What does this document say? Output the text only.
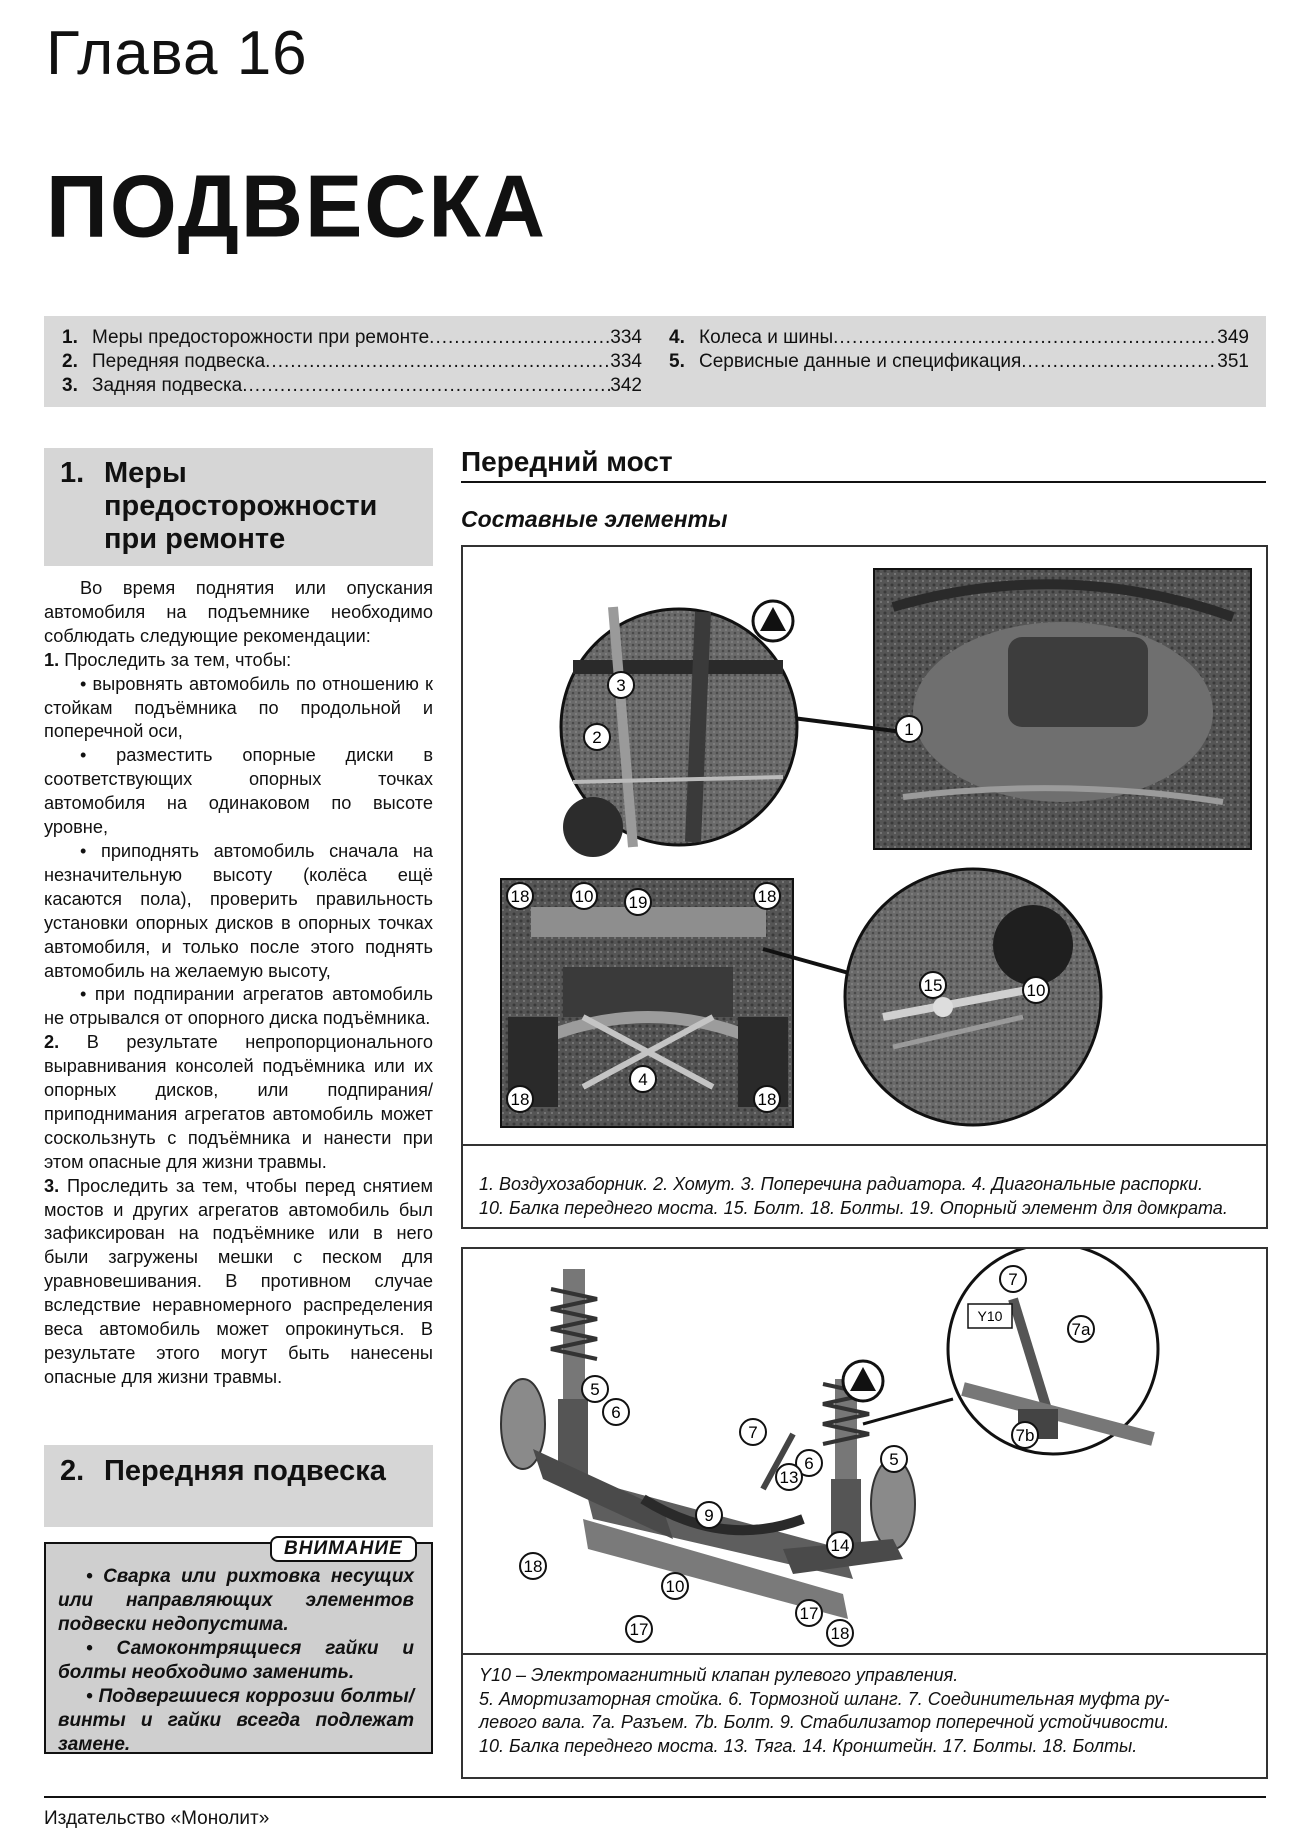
Глава 16
ПОДВЕСКА
1. Меры предосторожности при ремонте .....	334
2. Передняя подвеска .....	334
3. Задняя подвеска .....	342
4. Колеса и шины .....	349
5. Сервисные данные и спецификация .....	351
1. Меры
предосторожности
при ремонте

Во время поднятия или опускания автомобиля на подъемнике необходимо соблюдать следующие рекомендации:

1. Проследить за тем, чтобы:

• выровнять автомобиль по отношению к стойкам подъёмника по продольной и поперечной оси,

• разместить опорные диски в соответствующих опорных точках автомобиля на одинаковом по высоте уровне,

• приподнять автомобиль сначала на незначительную высоту (колёса ещё касаются пола), проверить правильность установки опорных дисков в опорных точках автомобиля, и только после этого поднять автомобиль на желаемую высоту,

• при подпирании агрегатов автомобиль не отрывался от опорного диска подъёмника.

2. В результате непропорционального выравнивания консолей подъёмника или их опорных дисков, или подпирания/приподнимания агрегатов автомобиль может соскользнуть с подъёмника и нанести при этом опасные для жизни травмы.

3. Проследить за тем, чтобы перед снятием мостов и других агрегатов автомобиль был зафиксирован на подъёмнике или в него были загружены мешки с песком для уравновешивания. В противном случае вследствие неравномерного распределения веса автомобиль может опрокинуться. В результате этого могут быть нанесены опасные для жизни травмы.

2. Передняя подвеска
ВНИМАНИЕ

• Сварка или рихтовка несущих или направляющих элементов подвески недопустима.

• Самоконтрящиеся гайки и болты необходимо заменить.

• Подвергшиеся коррозии болты/винты и гайки всегда подлежат замене.

Передний мост
Составные элементы
1
2
3
18	10 19	18
4
18	18
15	10
1. Воздухозаборник. 2. Хомут. 3. Поперечина радиатора. 4. Диагональные распорки.
10. Балка переднего моста. 15. Болт. 18. Болты. 19. Опорный элемент для домкрата.
Y10
5
6
7
6
13
5
9
14
18
10
17
17
18
7
7a
7b
Y10 – Электромагнитный клапан рулевого управления.
5. Амортизаторная стойка. 6. Тормозной шланг. 7. Соединительная муфта ру-
левого вала. 7a. Разъем. 7b. Болт. 9. Стабилизатор поперечной устойчивости.
10. Балка переднего моста. 13. Тяга. 14. Кронштейн. 17. Болты. 18. Болты.
Издательство «Монолит»
